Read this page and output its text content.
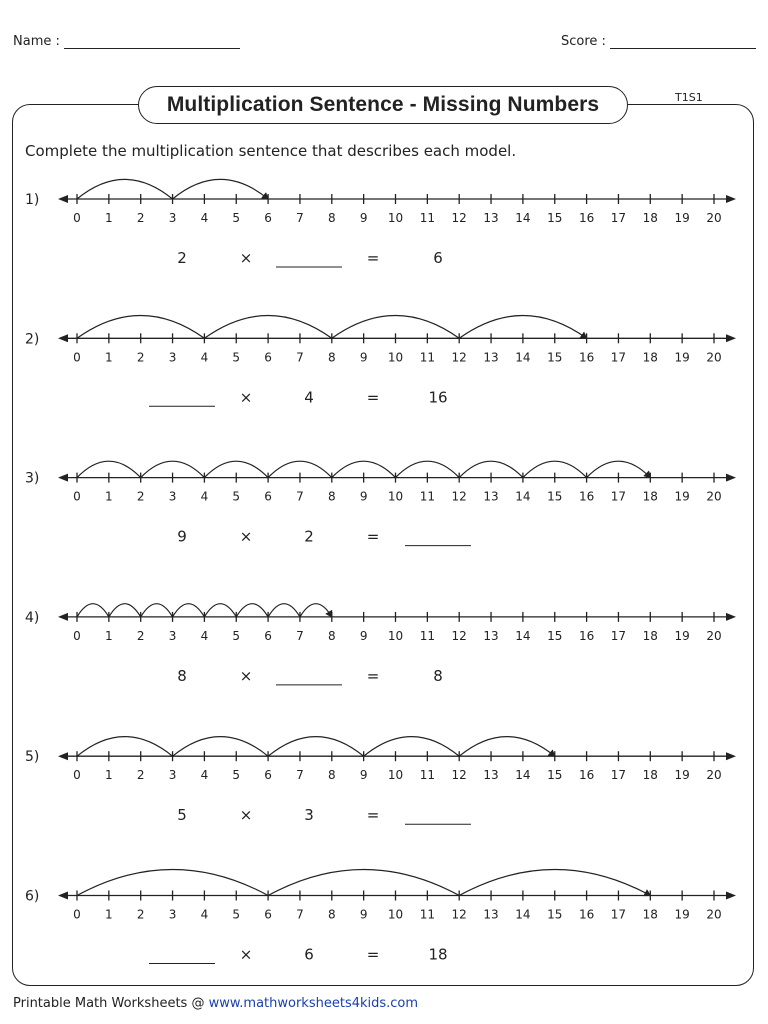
Name :	Score :
Multiplication Sentence - Missing Numbers	T1S1
Complete the multiplication sentence that describes each model.
1)
0 1 2 3 4 5 6 7 8 9 10 11 12 13 14 15 16 17 18 19 20
2	×	=	6
2)
0 1 2 3 4 5 6 7 8 9 10 11 12 13 14 15 16 17 18 19 20
×	4	=	16
3)
0 1 2 3 4 5 6 7 8 9 10 11 12 13 14 15 16 17 18 19 20
9	×	2	=
4)
0 1 2 3 4 5 6 7 8 9 10 11 12 13 14 15 16 17 18 19 20
8	×	=	8
5)
0 1 2 3 4 5 6 7 8 9 10 11 12 13 14 15 16 17 18 19 20
5	×	3	=
6)
0 1 2 3 4 5 6 7 8 9 10 11 12 13 14 15 16 17 18 19 20
×	6	=	18
Printable Math Worksheets @ www.mathworksheets4kids.com
